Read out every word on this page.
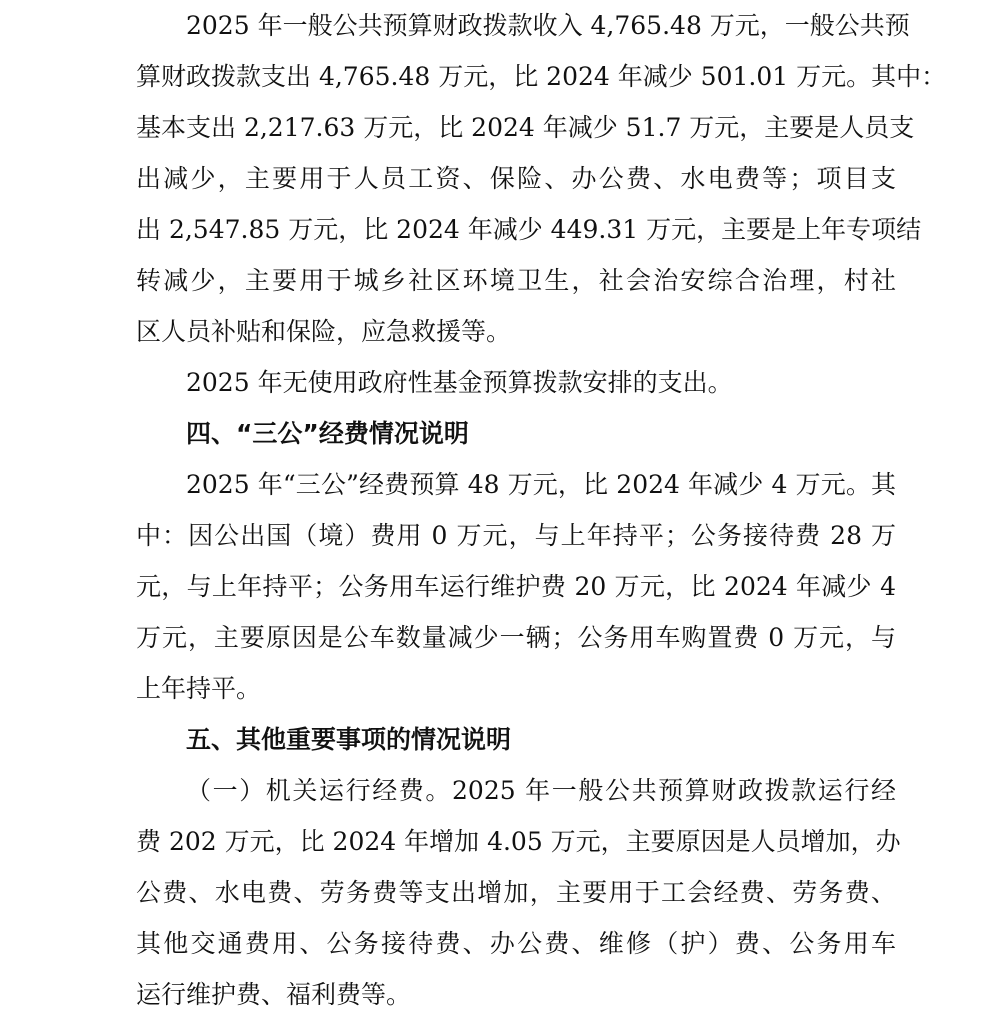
2025 年一般公共预算财政拨款收入 4,765.48 万元，一般公共预
算财政拨款支出 4,765.48 万元，比 2024 年减少 501.01 万元。其中：
基本支出 2,217.63 万元，比 2024 年减少 51.7 万元，主要是人员支
出减少，主要用于人员工资、保险、办公费、水电费等；项目支
出 2,547.85 万元，比 2024 年减少 449.31 万元，主要是上年专项结
转减少，主要用于城乡社区环境卫生，社会治安综合治理，村社
区人员补贴和保险，应急救援等。
2025 年无使用政府性基金预算拨款安排的支出。
四、“三公”经费情况说明
2025 年“三公”经费预算 48 万元，比 2024 年减少 4 万元。其
中：因公出国（境）费用 0 万元，与上年持平；公务接待费 28 万
元，与上年持平；公务用车运行维护费 20 万元，比 2024 年减少 4
万元，主要原因是公车数量减少一辆；公务用车购置费 0 万元，与
上年持平。
五、其他重要事项的情况说明
（一）机关运行经费。2025 年一般公共预算财政拨款运行经
费 202 万元，比 2024 年增加 4.05 万元，主要原因是人员增加，办
公费、水电费、劳务费等支出增加，主要用于工会经费、劳务费、
其他交通费用、公务接待费、办公费、维修（护）费、公务用车
运行维护费、福利费等。
